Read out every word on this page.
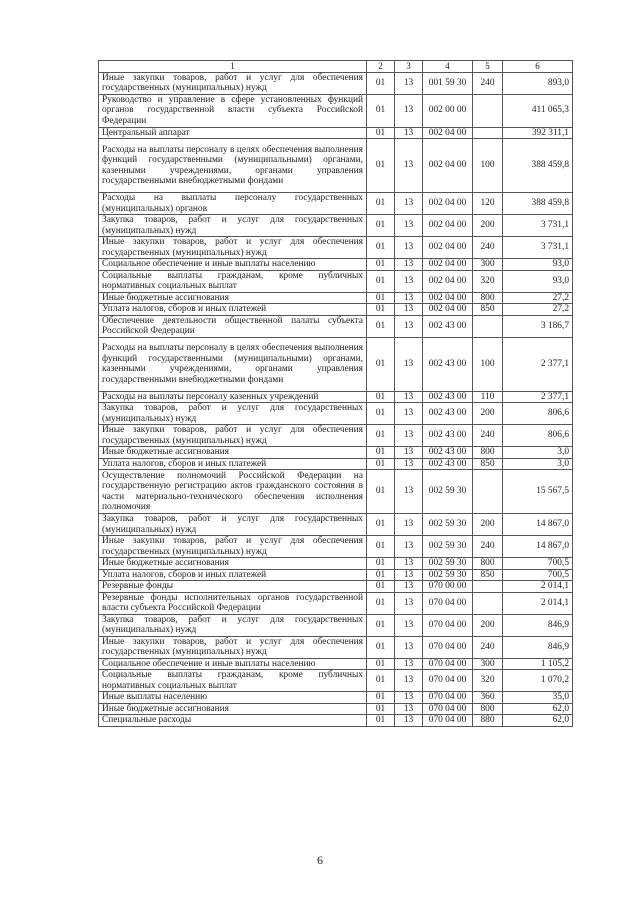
1	2	3	4	5	6
Иные закупки товаров, работ и услуг для обеспечения государственных (муниципальных) нужд	01	13	001 59 30	240	893,0
Руководство и управление в сфере установленных функций органов государственной власти субъекта Российской Федерации	01	13	002 00 00		411 065,3
Центральный аппарат	01	13	002 04 00		392 311,1
Расходы на выплаты персоналу в целях обеспечения выполнения функций государственными (муниципальными) органами, казенными учреждениями, органами управления государственными внебюджетными фондами	01	13	002 04 00	100	388 459,8
Расходы на выплаты персоналу государственных (муниципальных) органов	01	13	002 04 00	120	388 459,8
Закупка товаров, работ и услуг для государственных (муниципальных) нужд	01	13	002 04 00	200	3 731,1
Иные закупки товаров, работ и услуг для обеспечения государственных (муниципальных) нужд	01	13	002 04 00	240	3 731,1
Социальное обеспечение и иные выплаты населению	01	13	002 04 00	300	93,0
Социальные выплаты гражданам, кроме публичных нормативных социальных выплат	01	13	002 04 00	320	93,0
Иные бюджетные ассигнования	01	13	002 04 00	800	27,2
Уплата налогов, сборов и иных платежей	01	13	002 04 00	850	27,2
Обеспечение деятельности общественной палаты субъекта Российской Федерации	01	13	002 43 00		3 186,7
Расходы на выплаты персоналу в целях обеспечения выполнения функций государственными (муниципальными) органами, казенными учреждениями, органами управления государственными внебюджетными фондами	01	13	002 43 00	100	2 377,1
Расходы на выплаты персоналу казенных учреждений	01	13	002 43 00	110	2 377,1
Закупка товаров, работ и услуг для государственных (муниципальных) нужд	01	13	002 43 00	200	806,6
Иные закупки товаров, работ и услуг для обеспечения государственных (муниципальных) нужд	01	13	002 43 00	240	806,6
Иные бюджетные ассигнования	01	13	002 43 00	800	3,0
Уплата налогов, сборов и иных платежей	01	13	002 43 00	850	3,0
Осуществление полномочий Российской Федерации на государственную регистрацию актов гражданского состояния в части материально-технического обеспечения исполнения полномочия	01	13	002 59 30		15 567,5
Закупка товаров, работ и услуг для государственных (муниципальных) нужд	01	13	002 59 30	200	14 867,0
Иные закупки товаров, работ и услуг для обеспечения государственных (муниципальных) нужд	01	13	002 59 30	240	14 867,0
Иные бюджетные ассигнования	01	13	002 59 30	800	700,5
Уплата налогов, сборов и иных платежей	01	13	002 59 30	850	700,5
Резервные фонды	01	13	070 00 00		2 014,1
Резервные фонды исполнительных органов государственной власти субъекта Российской Федерации	01	13	070 04 00		2 014,1
Закупка товаров, работ и услуг для государственных (муниципальных) нужд	01	13	070 04 00	200	846,9
Иные закупки товаров, работ и услуг для обеспечения государственных (муниципальных) нужд	01	13	070 04 00	240	846,9
Социальное обеспечение и иные выплаты населению	01	13	070 04 00	300	1 105,2
Социальные выплаты гражданам, кроме публичных нормативных социальных выплат	01	13	070 04 00	320	1 070,2
Иные выплаты населению	01	13	070 04 00	360	35,0
Иные бюджетные ассигнования	01	13	070 04 00	800	62,0
Специальные расходы	01	13	070 04 00	880	62,0
6
